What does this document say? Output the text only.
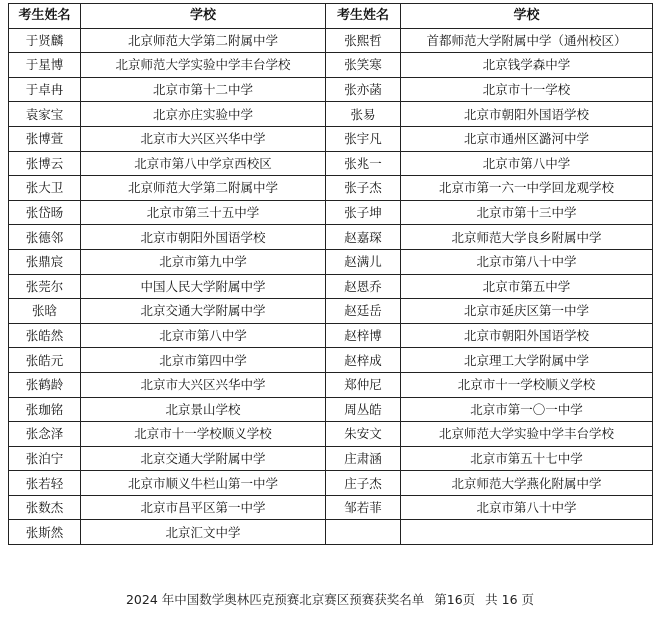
考生姓名	学校	考生姓名	学校
于贤麟	北京师范大学第二附属中学	张熙哲	首都师范大学附属中学（通州校区）
于星博	北京师范大学实验中学丰台学校	张笑寒	北京钱学森中学
于卓冉	北京市第十二中学	张亦菡	北京市十一学校
袁家宝	北京亦庄实验中学	张易	北京市朝阳外国语学校
张博萱	北京市大兴区兴华中学	张宇凡	北京市通州区潞河中学
张博云	北京市第八中学京西校区	张兆一	北京市第八中学
张大卫	北京师范大学第二附属中学	张子杰	北京市第一六一中学回龙观学校
张岱旸	北京市第三十五中学	张子坤	北京市第十三中学
张德邻	北京市朝阳外国语学校	赵嘉琛	北京师范大学良乡附属中学
张鼎宸	北京市第九中学	赵满儿	北京市第八十中学
张莞尔	中国人民大学附属中学	赵恩乔	北京市第五中学
张晗	北京交通大学附属中学	赵廷岳	北京市延庆区第一中学
张皓然	北京市第八中学	赵梓博	北京市朝阳外国语学校
张皓元	北京市第四中学	赵梓成	北京理工大学附属中学
张鹤龄	北京市大兴区兴华中学	郑仲尼	北京市十一学校顺义学校
张珈铭	北京景山学校	周丛皓	北京市第一〇一中学
张念泽	北京市十一学校顺义学校	朱安文	北京师范大学实验中学丰台学校
张泊宁	北京交通大学附属中学	庄肃涵	北京市第五十七中学
张若轻	北京市顺义牛栏山第一中学	庄子杰	北京师范大学燕化附属中学
张数杰	北京市昌平区第一中学	邹若菲	北京市第八十中学
张斯然	北京汇文中学		
2024 年中国数学奥林匹克预赛北京赛区预赛获奖名单 第16页 共 16 页
